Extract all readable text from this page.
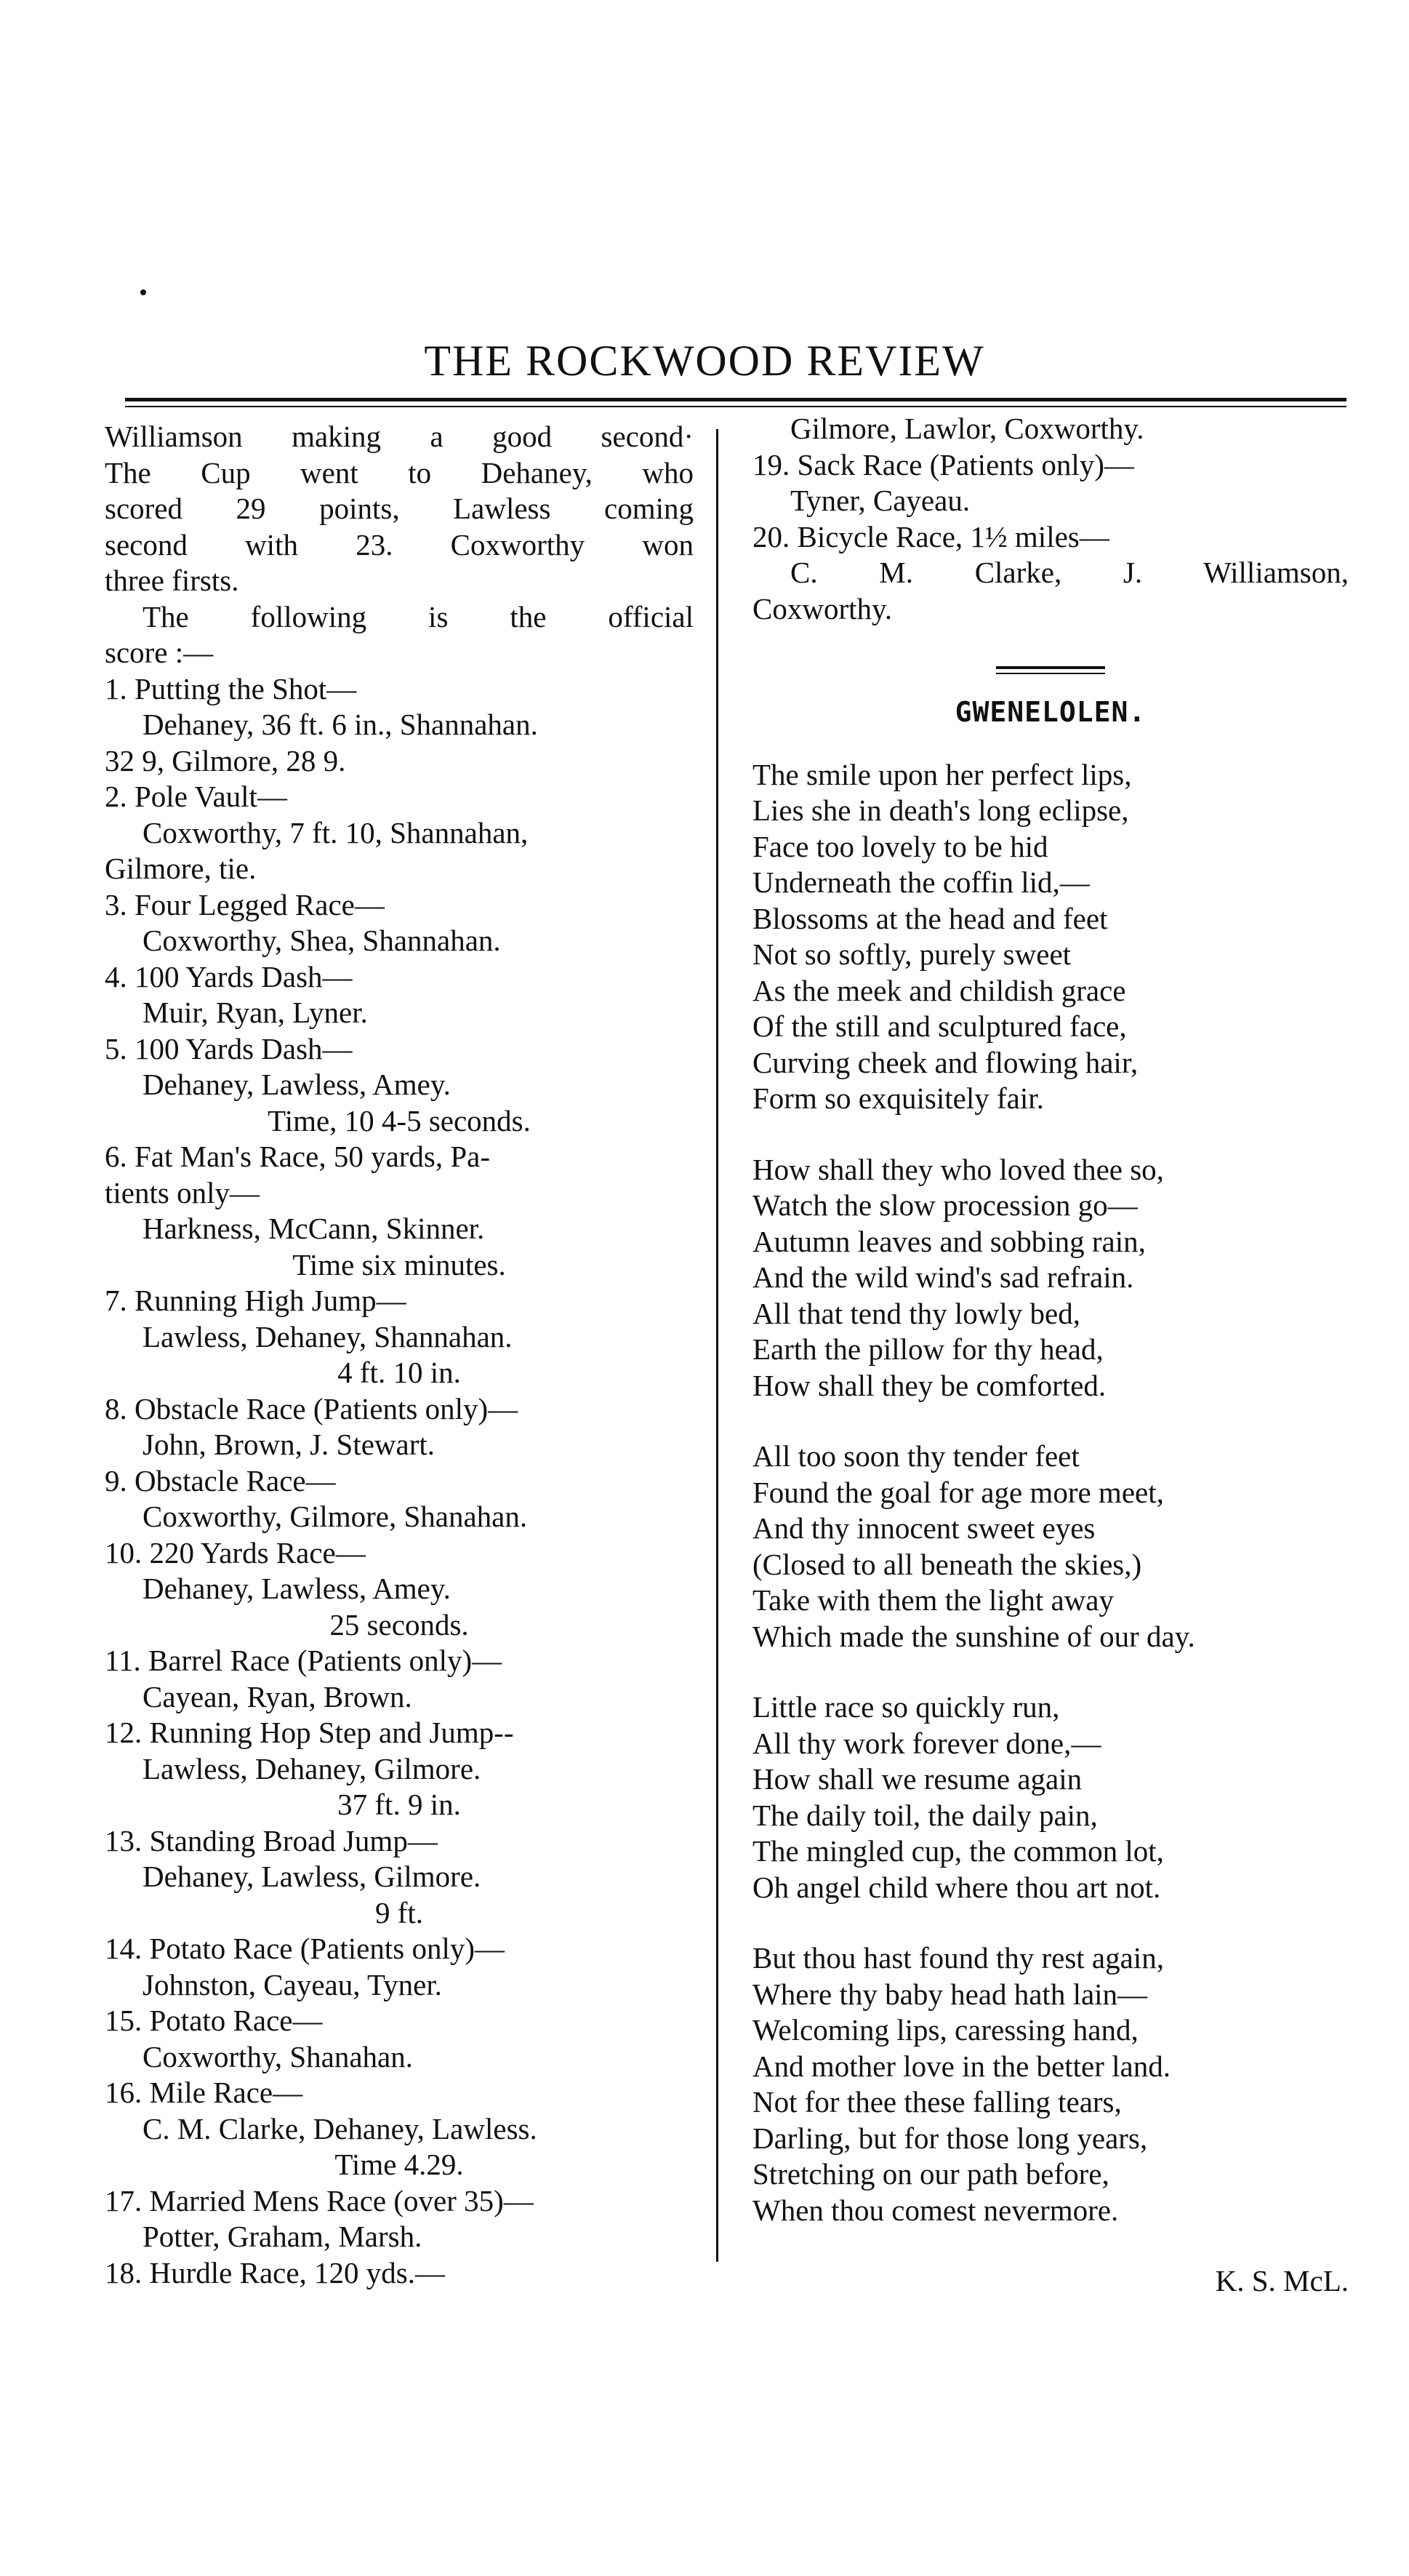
THE ROCKWOOD REVIEW
Williamson making a good second·
The Cup went to Dehaney, who
scored 29 points, Lawless coming
second with 23. Coxworthy won
three firsts.
The following is the official
score :—
1. Putting the Shot—
Dehaney, 36 ft. 6 in., Shannahan.
32 9, Gilmore, 28 9.
2. Pole Vault—
Coxworthy, 7 ft. 10, Shannahan,
Gilmore, tie.
3. Four Legged Race—
Coxworthy, Shea, Shannahan.
4. 100 Yards Dash—
Muir, Ryan, Lyner.
5. 100 Yards Dash—
Dehaney, Lawless, Amey.
Time, 10 4-5 seconds.
6. Fat Man's Race, 50 yards, Pa-
tients only—
Harkness, McCann, Skinner.
Time six minutes.
7. Running High Jump—
Lawless, Dehaney, Shannahan.
4 ft. 10 in.
8. Obstacle Race (Patients only)—
John, Brown, J. Stewart.
9. Obstacle Race—
Coxworthy, Gilmore, Shanahan.
10. 220 Yards Race—
Dehaney, Lawless, Amey.
25 seconds.
11. Barrel Race (Patients only)—
Cayean, Ryan, Brown.
12. Running Hop Step and Jump--
Lawless, Dehaney, Gilmore.
37 ft. 9 in.
13. Standing Broad Jump—
Dehaney, Lawless, Gilmore.
9 ft.
14. Potato Race (Patients only)—
Johnston, Cayeau, Tyner.
15. Potato Race—
Coxworthy, Shanahan.
16. Mile Race—
C. M. Clarke, Dehaney, Lawless.
Time 4.29.
17. Married Mens Race (over 35)—
Potter, Graham, Marsh.
18. Hurdle Race, 120 yds.—
Gilmore, Lawlor, Coxworthy.
19. Sack Race (Patients only)—
Tyner, Cayeau.
20. Bicycle Race, 1½ miles—
C. M. Clarke, J. Williamson,
Coxworthy.
GWENELOLEN.
The smile upon her perfect lips,
Lies she in death's long eclipse,
Face too lovely to be hid
Underneath the coffin lid,—
Blossoms at the head and feet
Not so softly, purely sweet
As the meek and childish grace
Of the still and sculptured face,
Curving cheek and flowing hair,
Form so exquisitely fair.
How shall they who loved thee so,
Watch the slow procession go—
Autumn leaves and sobbing rain,
And the wild wind's sad refrain.
All that tend thy lowly bed,
Earth the pillow for thy head,
How shall they be comforted.
All too soon thy tender feet
Found the goal for age more meet,
And thy innocent sweet eyes
(Closed to all beneath the skies,)
Take with them the light away
Which made the sunshine of our day.
Little race so quickly run,
All thy work forever done,—
How shall we resume again
The daily toil, the daily pain,
The mingled cup, the common lot,
Oh angel child where thou art not.
But thou hast found thy rest again,
Where thy baby head hath lain—
Welcoming lips, caressing hand,
And mother love in the better land.
Not for thee these falling tears,
Darling, but for those long years,
Stretching on our path before,
When thou comest nevermore.
K. S. McL.
